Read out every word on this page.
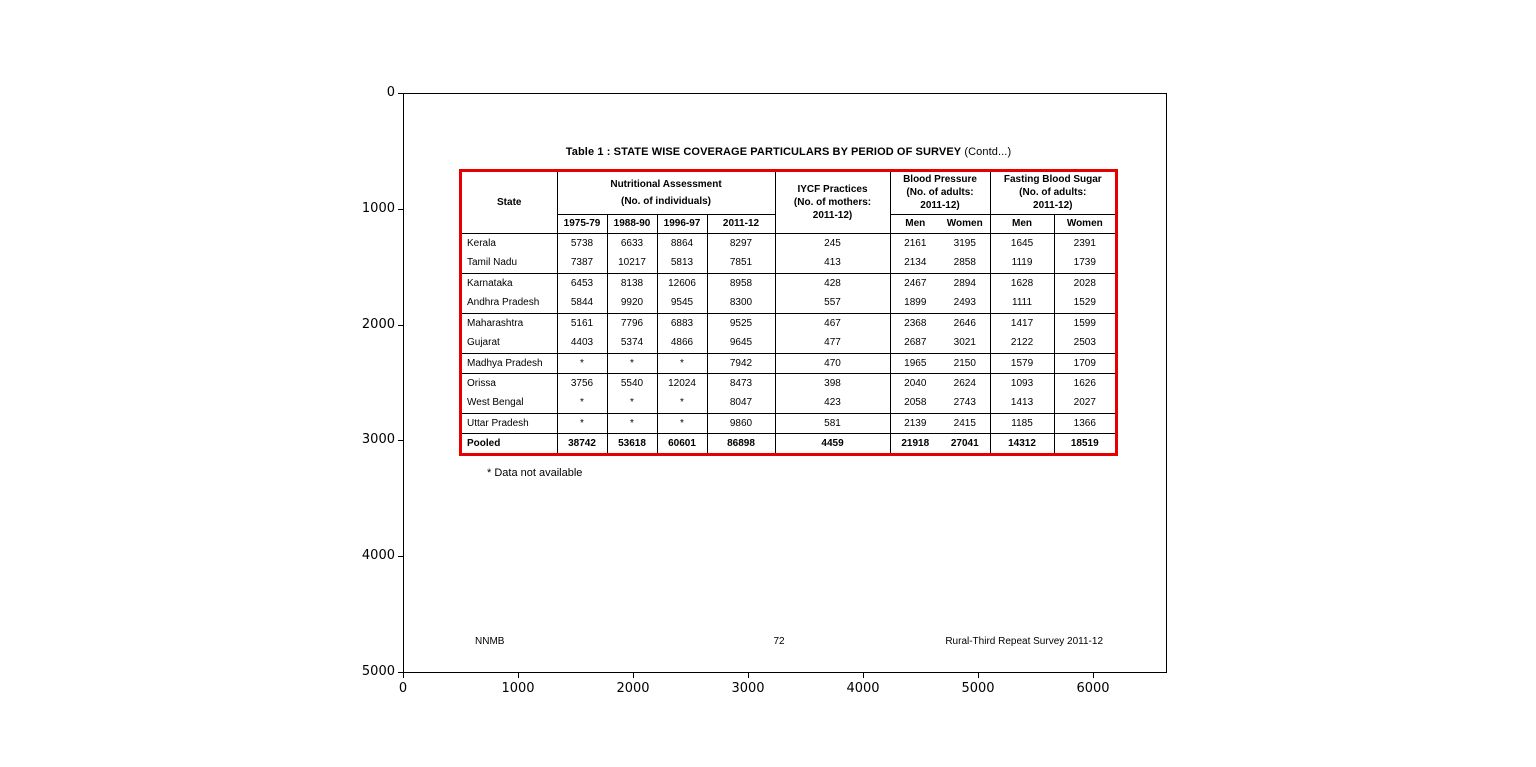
Table 1 : STATE WISE COVERAGE PARTICULARS BY PERIOD OF SURVEY (Contd...)
State	
Nutritional Assessment
(No. of individuals)

IYCF Practices
(No. of mothers:
2011-12)

Blood Pressure
(No. of adults:
2011-12)

Fasting Blood Sugar
(No. of adults:
2011-12)

	1975-79	1988-90	1996-97	2011-12		Men	Women	Men	Women
Kerala	5738	6633	8864	8297	245	2161	3195	1645	2391
Tamil Nadu	7387	10217	5813	7851	413	2134	2858	1119	1739
Karnataka	6453	8138	12606	8958	428	2467	2894	1628	2028
Andhra Pradesh	5844	9920	9545	8300	557	1899	2493	1111	1529
Maharashtra	5161	7796	6883	9525	467	2368	2646	1417	1599
Gujarat	4403	5374	4866	9645	477	2687	3021	2122	2503
Madhya Pradesh	*	*	*	7942	470	1965	2150	1579	1709
Orissa	3756	5540	12024	8473	398	2040	2624	1093	1626
West Bengal	*	*	*	8047	423	2058	2743	1413	2027
Uttar Pradesh	*	*	*	9860	581	2139	2415	1185	1366
Pooled	38742	53618	60601	86898	4459	21918	27041	14312	18519
* Data not available
NNMB	72	Rural-Third Repeat Survey 2011-12
0
1000
2000
3000
4000
5000
0	1000	2000	3000	4000	5000	6000
